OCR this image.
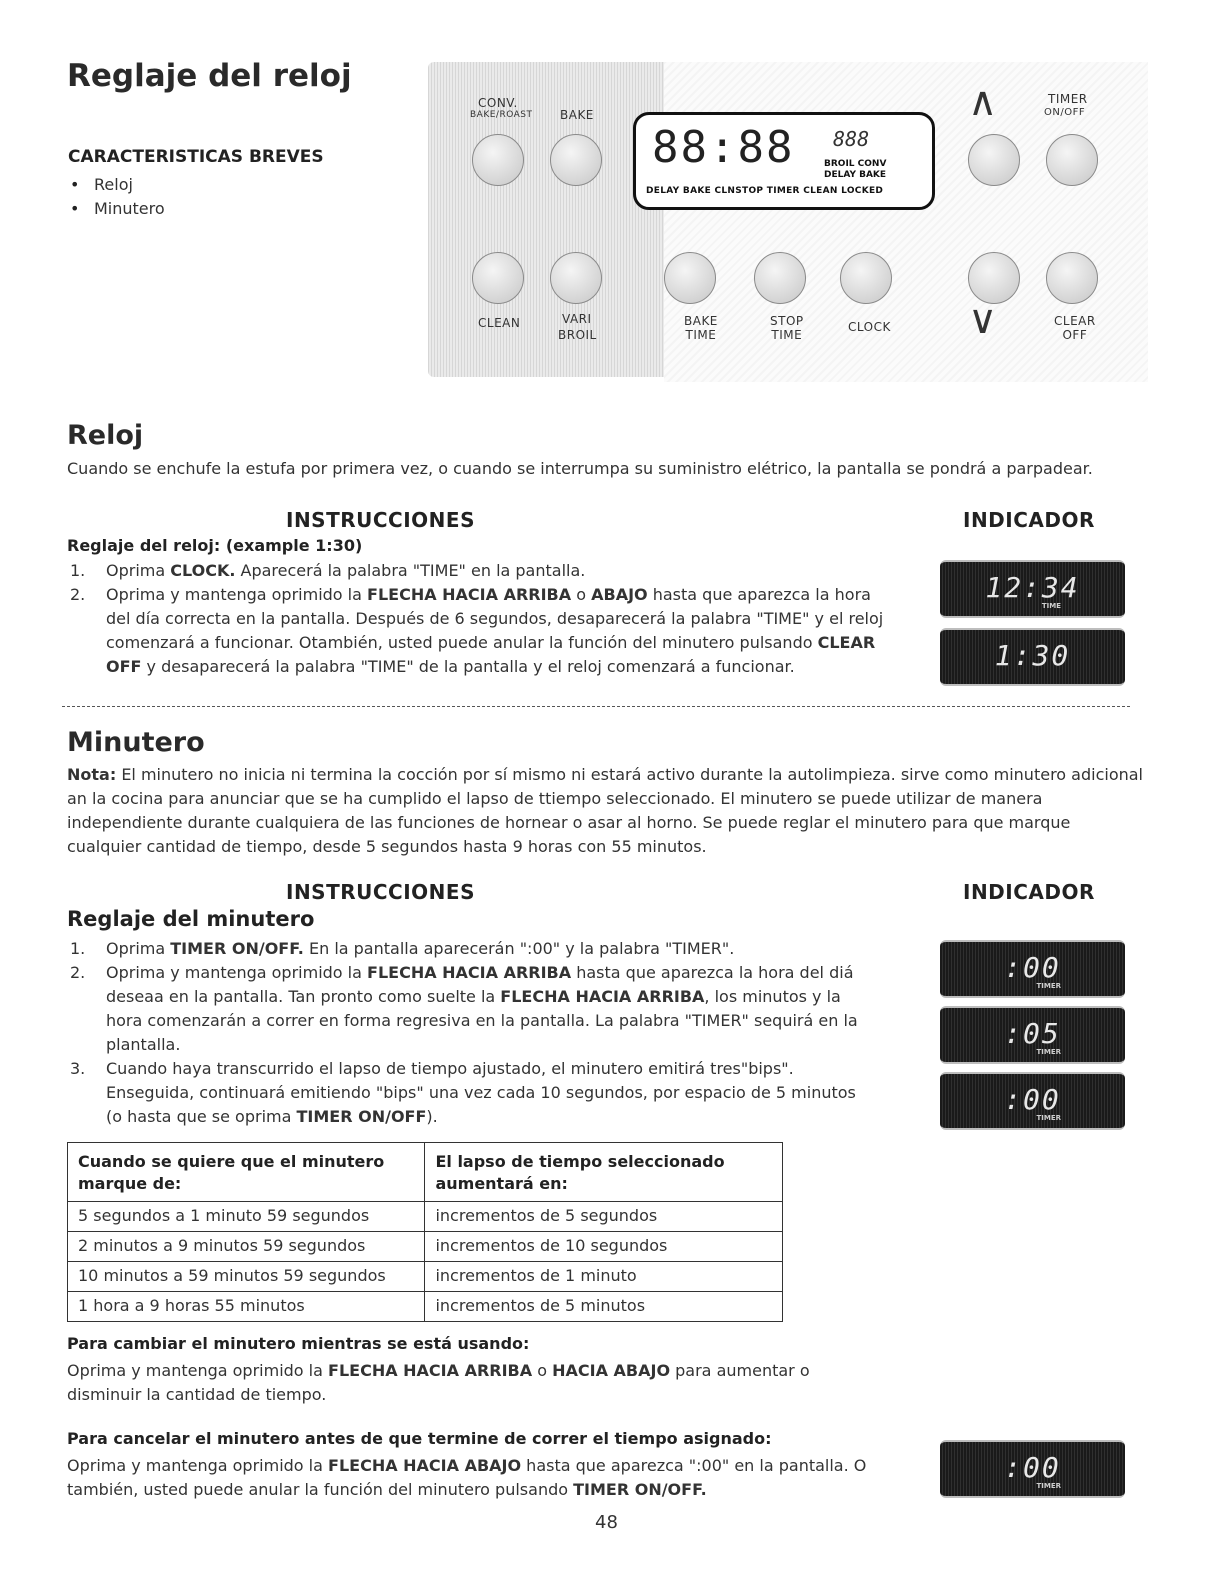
Reglaje del reloj
CARACTERISTICAS BREVES
• Reloj
• Minutero
CONV.
BAKE/ROAST BAKE
CLEAN	VARI
BROIL
88:88 888
BROIL CONV
DELAY BAKE
DELAY BAKE CLNSTOP TIMER CLEAN LOCKED
∧	TIMER
ON/OFF
BAKE
TIME
STOP
TIME
CLOCK ∨	CLEAR
OFF
Reloj
Cuando se enchufe la estufa por primera vez, o cuando se interrumpa su suministro elétrico, la pantalla se pondrá a parpadear.
INSTRUCCIONES	INDICADOR
Reglaje del reloj: (example 1:30)
1. Oprima CLOCK. Aparecerá la palabra "TIME" en la pantalla.
2. Oprima y mantenga oprimido la FLECHA HACIA ARRIBA o ABAJO hasta que aparezca la hora del día correcta en la pantalla. Después de 6 segundos, desaparecerá la palabra "TIME" y el reloj comenzará a funcionar. Otambién, usted puede anular la función del minutero pulsando CLEAR OFF y desaparecerá la palabra "TIME" de la pantalla y el reloj comenzará a funcionar.
12:34
TIME
1:30
Minutero
Nota: El minutero no inicia ni termina la cocción por sí mismo ni estará activo durante la autolimpieza. sirve como minutero adicional an la cocina para anunciar que se ha cumplido el lapso de ttiempo seleccionado. El minutero se puede utilizar de manera independiente durante cualquiera de las funciones de hornear o asar al horno. Se puede reglar el minutero para que marque cualquier cantidad de tiempo, desde 5 segundos hasta 9 horas con 55 minutos.
INSTRUCCIONES	INDICADOR
Reglaje del minutero
1. Oprima TIMER ON/OFF. En la pantalla aparecerán ":00" y la palabra "TIMER".
2. Oprima y mantenga oprimido la FLECHA HACIA ARRIBA hasta que aparezca la hora del diá deseaa en la pantalla. Tan pronto como suelte la FLECHA HACIA ARRIBA, los minutos y la hora comenzarán a correr en forma regresiva en la pantalla. La palabra "TIMER" sequirá en la plantalla.
3. Cuando haya transcurrido el lapso de tiempo ajustado, el minutero emitirá tres"bips". Enseguida, continuará emitiendo "bips" una vez cada 10 segundos, por espacio de 5 minutos (o hasta que se oprima TIMER ON/OFF).
:00
TIMER
:05
TIMER
:00
TIMER
Cuando se quiere que el minutero marque de:	El lapso de tiempo seleccionado aumentará en:
5 segundos a 1 minuto 59 segundos	incrementos de 5 segundos
2 minutos a 9 minutos 59 segundos	incrementos de 10 segundos
10 minutos a 59 minutos 59 segundos	incrementos de 1 minuto
1 hora a 9 horas 55 minutos	incrementos de 5 minutos
Para cambiar el minutero mientras se está usando:
Oprima y mantenga oprimido la FLECHA HACIA ARRIBA o HACIA ABAJO para aumentar o disminuir la cantidad de tiempo.
Para cancelar el minutero antes de que termine de correr el tiempo asignado:
Oprima y mantenga oprimido la FLECHA HACIA ABAJO hasta que aparezca ":00" en la pantalla. O también, usted puede anular la función del minutero pulsando TIMER ON/OFF.
:00
TIMER
48
